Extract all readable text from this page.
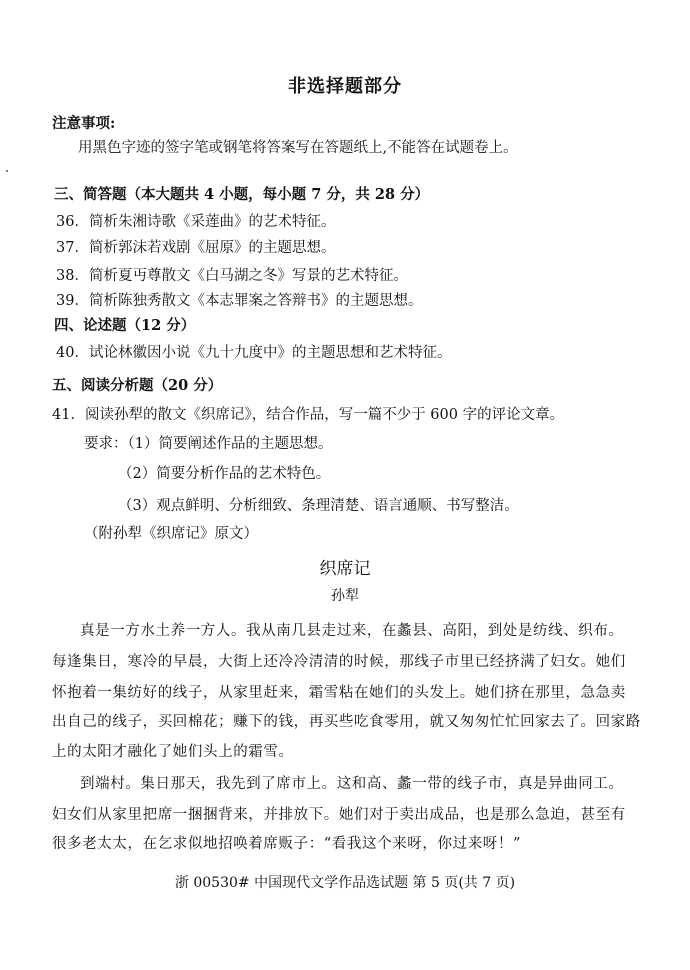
非选择题部分
注意事项:
用黑色字迹的签字笔或钢笔将答案写在答题纸上,不能答在试题卷上。
三、简答题（本大题共 4 小题，每小题 7 分，共 28 分）
36．简析朱湘诗歌《采莲曲》的艺术特征。
37．简析郭沫若戏剧《屈原》的主题思想。
38．简析夏丏尊散文《白马湖之冬》写景的艺术特征。
39．简析陈独秀散文《本志罪案之答辩书》的主题思想。
四、论述题（12 分）
40．试论林徽因小说《九十九度中》的主题思想和艺术特征。
五、阅读分析题（20 分）
41．阅读孙犁的散文《织席记》，结合作品，写一篇不少于 600 字的评论文章。
要求：（1）简要阐述作品的主题思想。
（2）简要分析作品的艺术特色。
（3）观点鲜明、分析细致、条理清楚、语言通顺、书写整洁。
（附孙犁《织席记》原文）
织席记
孙犁
真是一方水土养一方人。我从南几县走过来，在蠡县、高阳，到处是纺线、织布。
每逢集日，寒冷的早晨，大街上还冷冷清清的时候，那线子市里已经挤满了妇女。她们
怀抱着一集纺好的线子，从家里赶来，霜雪粘在她们的头发上。她们挤在那里，急急卖
出自己的线子，买回棉花；赚下的钱，再买些吃食零用，就又匆匆忙忙回家去了。回家路
上的太阳才融化了她们头上的霜雪。
到端村。集日那天，我先到了席市上。这和高、蠡一带的线子市，真是异曲同工。
妇女们从家里把席一捆捆背来，并排放下。她们对于卖出成品，也是那么急迫，甚至有
很多老太太，在乞求似地招唤着席贩子：“看我这个来呀，你过来呀！”
浙 00530# 中国现代文学作品选试题 第 5 页(共 7 页)
